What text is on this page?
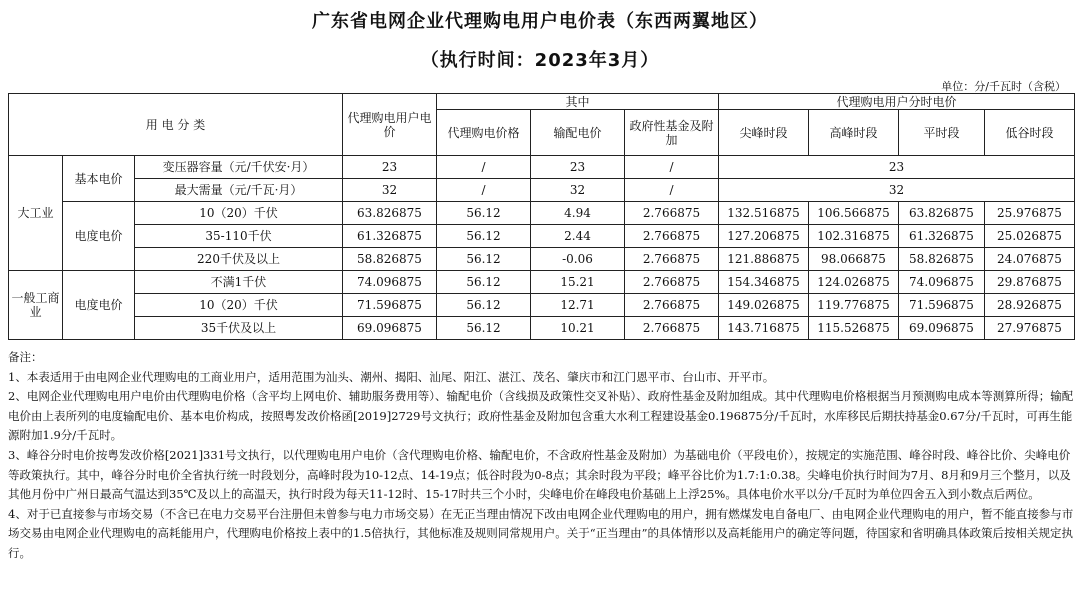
广东省电网企业代理购电用户电价表（东西两翼地区）
（执行时间：2023年3月）
单位：分/千瓦时（含税）
用 电 分 类			代理购电用户电价	其中			代理购电用户分时电价			
				代理购电价格	输配电价	政府性基金及附加	尖峰时段	高峰时段	平时段	低谷时段
大工业	基本电价	变压器容量（元/千伏安·月）	23	/	23	/	23			
		最大需量（元/千瓦·月）	32	/	32	/	32			
	电度电价	10（20）千伏	63.826875	56.12	4.94	2.766875	132.516875	106.566875	63.826875	25.976875
		35-110千伏	61.326875	56.12	2.44	2.766875	127.206875	102.316875	61.326875	25.026875
		220千伏及以上	58.826875	56.12	-0.06	2.766875	121.886875	98.066875	58.826875	24.076875
一般工商业	电度电价	不满1千伏	74.096875	56.12	15.21	2.766875	154.346875	124.026875	74.096875	29.876875
		10（20）千伏	71.596875	56.12	12.71	2.766875	149.026875	119.776875	71.596875	28.926875
		35千伏及以上	69.096875	56.12	10.21	2.766875	143.716875	115.526875	69.096875	27.976875

备注：

1、本表适用于由电网企业代理购电的工商业用户，适用范围为汕头、潮州、揭阳、汕尾、阳江、湛江、茂名、肇庆市和江门恩平市、台山市、开平市。

2、电网企业代理购电用户电价由代理购电价格（含平均上网电价、辅助服务费用等）、输配电价（含线损及政策性交叉补贴）、政府性基金及附加组成。其中代理购电价格根据当月预测购电成本等测算所得；输配电价由上表所列的电度输配电价、基本电价构成，按照粤发改价格函[2019]2729号文执行；政府性基金及附加包含重大水利工程建设基金0.196875分/千瓦时，水库移民后期扶持基金0.67分/千瓦时，可再生能源附加1.9分/千瓦时。

3、峰谷分时电价按粤发改价格[2021]331号文执行，以代理购电用户电价（含代理购电价格、输配电价，不含政府性基金及附加）为基础电价（平段电价），按规定的实施范围、峰谷时段、峰谷比价、尖峰电价等政策执行。其中，峰谷分时电价全省执行统一时段划分，高峰时段为10-12点、14-19点；低谷时段为0-8点；其余时段为平段；峰平谷比价为1.7:1:0.38。尖峰电价执行时间为7月、8月和9月三个整月，以及其他月份中广州日最高气温达到35℃及以上的高温天，执行时段为每天11-12时、15-17时共三个小时，尖峰电价在峰段电价基础上上浮25%。具体电价水平以分/千瓦时为单位四舍五入到小数点后两位。

4、对于已直接参与市场交易（不含已在电力交易平台注册但未曾参与电力市场交易）在无正当理由情况下改由电网企业代理购电的用户，拥有燃煤发电自备电厂、由电网企业代理购电的用户，暂不能直接参与市场交易由电网企业代理购电的高耗能用户，代理购电价格按上表中的1.5倍执行，其他标准及规则同常规用户。关于“正当理由”的具体情形以及高耗能用户的确定等问题，待国家和省明确具体政策后按相关规定执行。
